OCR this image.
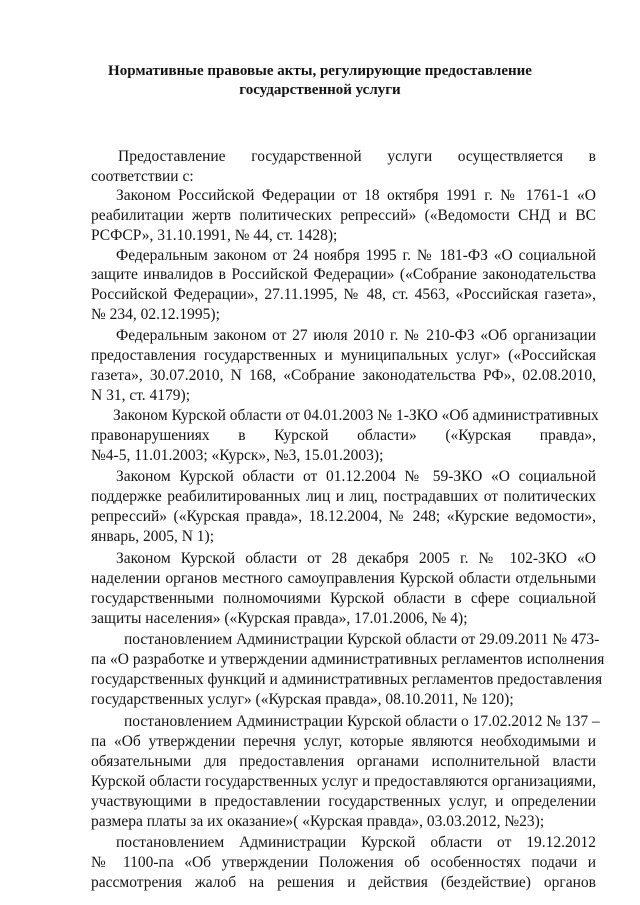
Нормативные правовые акты, регулирующие предоставление
государственной услуги
Предоставление государственной услуги осуществляется в
соответствии с:
Законом Российской Федерации от 18 октября 1991 г. № 1761-1 «О
реабилитации жертв политических репрессий» («Ведомости СНД и ВС
РСФСР», 31.10.1991, № 44, ст. 1428);
Федеральным законом от 24 ноября 1995 г. № 181-ФЗ «О социальной
защите инвалидов в Российской Федерации» («Собрание законодательства
Российской Федерации», 27.11.1995, № 48, ст. 4563, «Российская газета»,
№ 234, 02.12.1995);
Федеральным законом от 27 июля 2010 г. № 210-ФЗ «Об организации
предоставления государственных и муниципальных услуг» («Российская
газета», 30.07.2010, N 168, «Собрание законодательства РФ», 02.08.2010,
N 31, ст. 4179);
Законом Курской области от 04.01.2003 № 1-ЗКО «Об административных
правонарушениях в Курской области» («Курская правда»,
№4-5, 11.01.2003; «Курск», №3, 15.01.2003);
Законом Курской области от 01.12.2004 № 59-ЗКО «О социальной
поддержке реабилитированных лиц и лиц, пострадавших от политических
репрессий» («Курская правда», 18.12.2004, № 248; «Курские ведомости»,
январь, 2005, N 1);
Законом Курской области от 28 декабря 2005 г. № 102-ЗКО «О
наделении органов местного самоуправления Курской области отдельными
государственными полномочиями Курской области в сфере социальной
защиты населения» («Курская правда», 17.01.2006, № 4);
постановлением Администрации Курской области от 29.09.2011 № 473-
па «О разработке и утверждении административных регламентов исполнения
государственных функций и административных регламентов предоставления
государственных услуг» («Курская правда», 08.10.2011, № 120);
постановлением Администрации Курской области о 17.02.2012 № 137 –
па «Об утверждении перечня услуг, которые являются необходимыми и
обязательными для предоставления органами исполнительной власти
Курской области государственных услуг и предоставляются организациями,
участвующими в предоставлении государственных услуг, и определении
размера платы за их оказание»( «Курская правда», 03.03.2012, №23);
постановлением Администрации Курской области от 19.12.2012
№ 1100-па «Об утверждении Положения об особенностях подачи и
рассмотрения жалоб на решения и действия (бездействие) органов
